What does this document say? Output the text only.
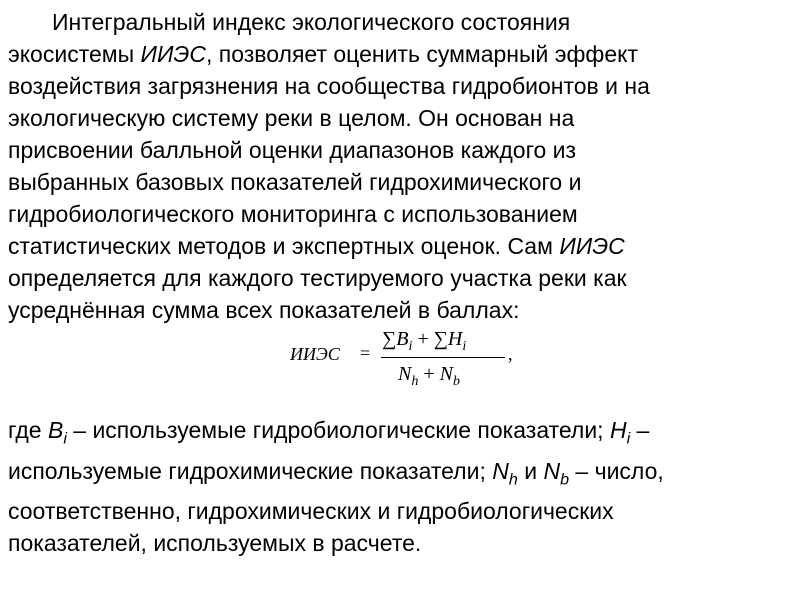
Интегральный индекс экологического состояния
экосистемы ИИЭС, позволяет оценить суммарный эффект
воздействия загрязнения на сообщества гидробионтов и на
экологическую систему реки в целом. Он основан на
присвоении балльной оценки диапазонов каждого из
выбранных базовых показателей гидрохимического и
гидробиологического мониторинга с использованием
статистических методов и экспертных оценок. Сам ИИЭС
определяется для каждого тестируемого участка реки как
усреднённая сумма всех показателей в баллах:

ИИЭС =
$\sum B_i + \sum H_i$
$N_h + N_b$
,

где $B_i$ – используемые гидробиологические показатели; $H_i$ –
используемые гидрохимические показатели; $N_h$ и $N_b$ – число,
соответственно, гидрохимических и гидробиологических
показателей, используемых в расчете.
